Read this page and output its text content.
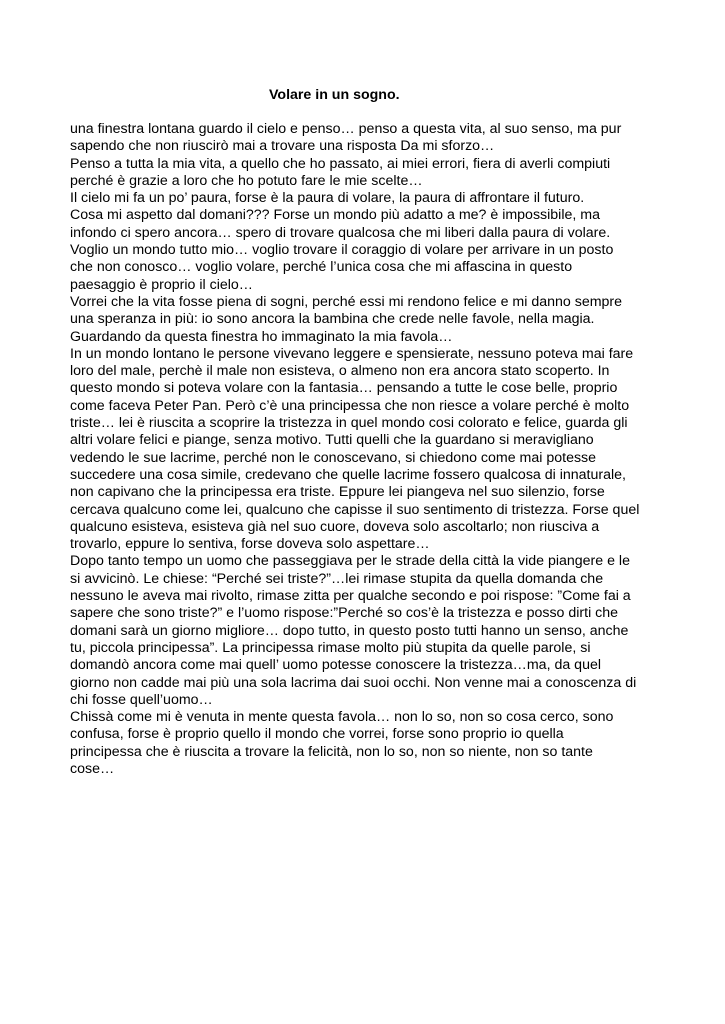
Volare in un sogno.

una finestra lontana guardo il cielo e penso… penso a questa vita, al suo senso, ma pur
sapendo che non riuscirò mai a trovare una risposta Da mi sforzo…

Penso a tutta la mia vita, a quello che ho passato, ai miei errori, fiera di averli compiuti
perché è grazie a loro che ho potuto fare le mie scelte…

Il cielo mi fa un po’ paura, forse è la paura di volare, la paura di affrontare il futuro.

Cosa mi aspetto dal domani??? Forse un mondo più adatto a me? è impossibile, ma
infondo ci spero ancora… spero di trovare qualcosa che mi liberi dalla paura di volare.

Voglio un mondo tutto mio… voglio trovare il coraggio di volare per arrivare in un posto
che non conosco… voglio volare, perché l’unica cosa che mi affascina in questo
paesaggio è proprio il cielo…

Vorrei che la vita fosse piena di sogni, perché essi mi rendono felice e mi danno sempre
una speranza in più: io sono ancora la bambina che crede nelle favole, nella magia.

Guardando da questa finestra ho immaginato la mia favola…

In un mondo lontano le persone vivevano leggere e spensierate, nessuno poteva mai fare
loro del male, perchè il male non esisteva, o almeno non era ancora stato scoperto. In
questo mondo si poteva volare con la fantasia… pensando a tutte le cose belle, proprio
come faceva Peter Pan. Però c’è una principessa che non riesce a volare perché è molto
triste… lei è riuscita a scoprire la tristezza in quel mondo cosi colorato e felice, guarda gli
altri volare felici e piange, senza motivo. Tutti quelli che la guardano si meravigliano
vedendo le sue lacrime, perché non le conoscevano, si chiedono come mai potesse
succedere una cosa simile, credevano che quelle lacrime fossero qualcosa di innaturale,
non capivano che la principessa era triste. Eppure lei piangeva nel suo silenzio, forse
cercava qualcuno come lei, qualcuno che capisse il suo sentimento di tristezza. Forse quel
qualcuno esisteva, esisteva già nel suo cuore, doveva solo ascoltarlo; non riusciva a
trovarlo, eppure lo sentiva, forse doveva solo aspettare…

Dopo tanto tempo un uomo che passeggiava per le strade della città la vide piangere e le
si avvicinò. Le chiese: “Perché sei triste?”…lei rimase stupita da quella domanda che
nessuno le aveva mai rivolto, rimase zitta per qualche secondo e poi rispose: ”Come fai a
sapere che sono triste?” e l’uomo rispose:”Perché so cos’è la tristezza e posso dirti che
domani sarà un giorno migliore… dopo tutto, in questo posto tutti hanno un senso, anche
tu, piccola principessa”. La principessa rimase molto più stupita da quelle parole, si
domandò ancora come mai quell’ uomo potesse conoscere la tristezza…ma, da quel
giorno non cadde mai più una sola lacrima dai suoi occhi. Non venne mai a conoscenza di
chi fosse quell’uomo…

Chissà come mi è venuta in mente questa favola… non lo so, non so cosa cerco, sono
confusa, forse è proprio quello il mondo che vorrei, forse sono proprio io quella
principessa che è riuscita a trovare la felicità, non lo so, non so niente, non so tante
cose…
